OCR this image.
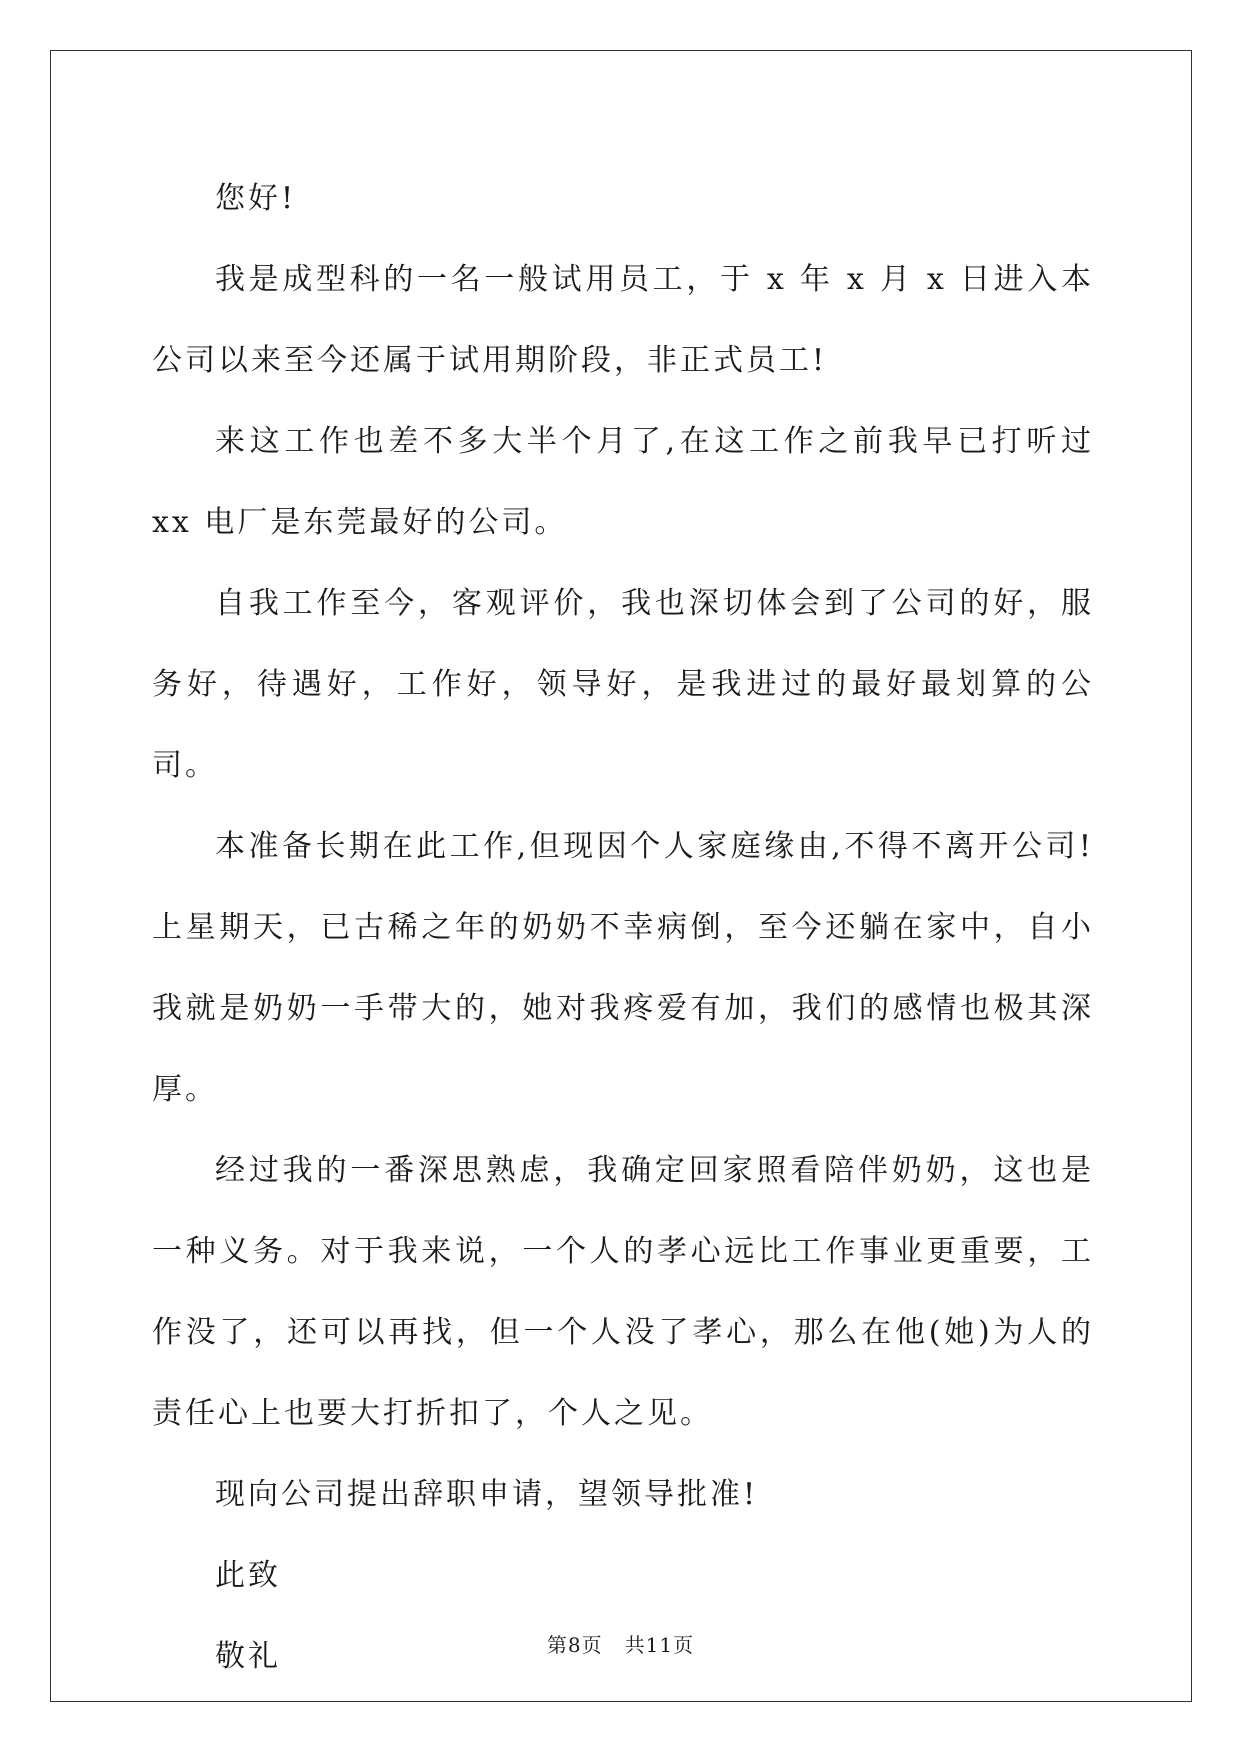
您好!

我是成型科的一名一般试用员工，于 x 年 x 月 x 日进入本公司以来至今还属于试用期阶段，非正式员工!

来这工作也差不多大半个月了,在这工作之前我早已打听过 xx 电厂是东莞最好的公司。

自我工作至今，客观评价，我也深切体会到了公司的好，服务好，待遇好，工作好，领导好，是我进过的最好最划算的公司。

本准备长期在此工作,但现因个人家庭缘由,不得不离开公司!上星期天，已古稀之年的奶奶不幸病倒，至今还躺在家中，自小我就是奶奶一手带大的，她对我疼爱有加，我们的感情也极其深厚。

经过我的一番深思熟虑，我确定回家照看陪伴奶奶，这也是一种义务。对于我来说，一个人的孝心远比工作事业更重要，工作没了，还可以再找，但一个人没了孝心，那么在他(她)为人的责任心上也要大打折扣了，个人之见。

现向公司提出辞职申请，望领导批准!

此致

敬礼	第8页 共11页
